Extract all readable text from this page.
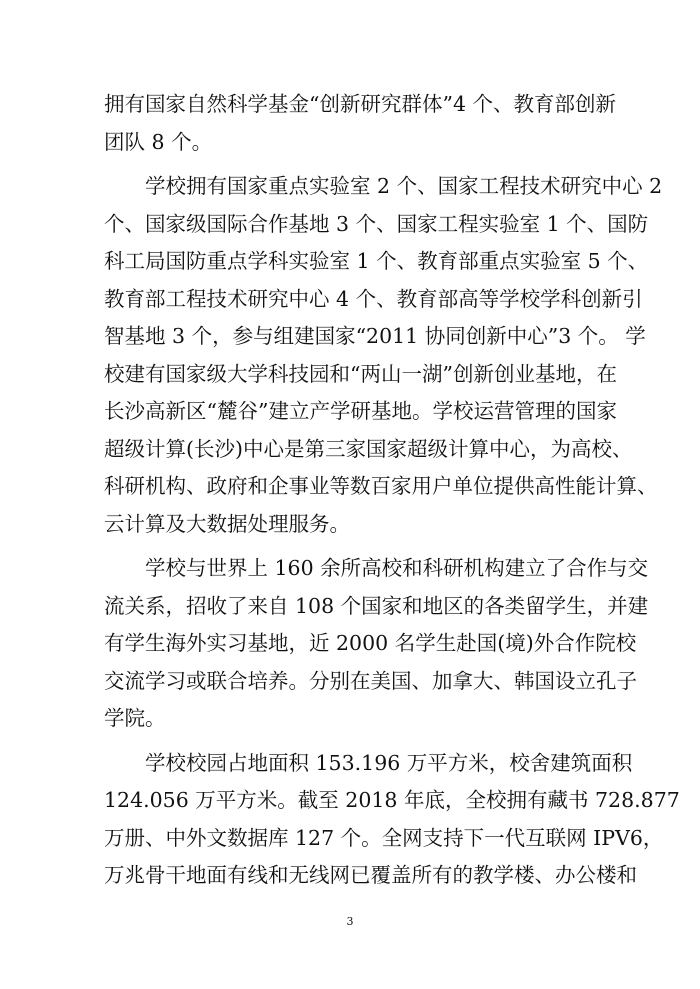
拥有国家自然科学基金“创新研究群体”4 个、教育部创新
团队 8 个。

学校拥有国家重点实验室 2 个、国家工程技术研究中心 2
个、国家级国际合作基地 3 个、国家工程实验室 1 个、国防
科工局国防重点学科实验室 1 个、教育部重点实验室 5 个、
教育部工程技术研究中心 4 个、教育部高等学校学科创新引
智基地 3 个，参与组建国家“2011 协同创新中心”3 个。 学
校建有国家级大学科技园和“两山一湖”创新创业基地，在
长沙高新区“麓谷”建立产学研基地。学校运营管理的国家
超级计算(长沙)中心是第三家国家超级计算中心，为高校、
科研机构、政府和企事业等数百家用户单位提供高性能计算、
云计算及大数据处理服务。

学校与世界上 160 余所高校和科研机构建立了合作与交
流关系，招收了来自 108 个国家和地区的各类留学生，并建
有学生海外实习基地，近 2000 名学生赴国(境)外合作院校
交流学习或联合培养。分别在美国、加拿大、韩国设立孔子
学院。

学校校园占地面积 153.196 万平方米，校舍建筑面积
124.056 万平方米。截至 2018 年底，全校拥有藏书 728.877
万册、中外文数据库 127 个。全网支持下一代互联网 IPV6，
万兆骨干地面有线和无线网已覆盖所有的教学楼、办公楼和

3
